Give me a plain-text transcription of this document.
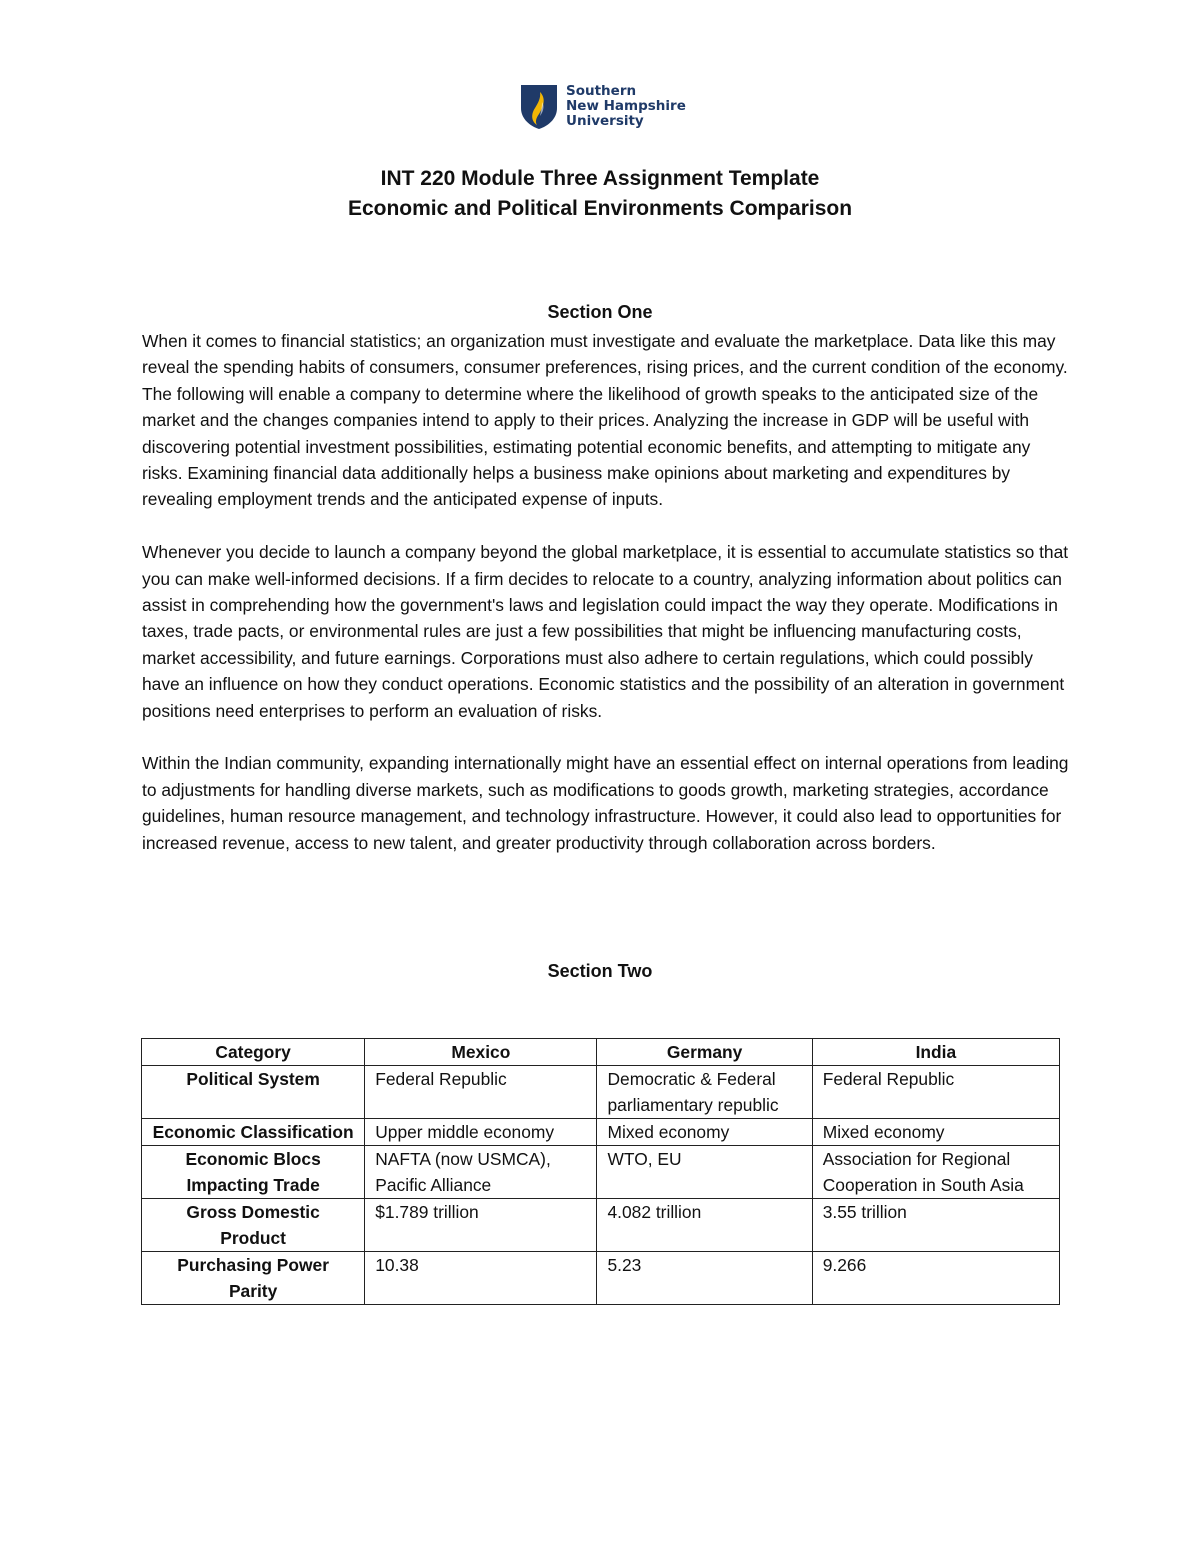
Southern
New Hampshire
University
INT 220 Module Three Assignment Template
Economic and Political Environments Comparison
Section One

When it comes to financial statistics; an organization must investigate and evaluate the marketplace. Data like this may reveal the spending habits of consumers, consumer preferences, rising prices, and the current condition of the economy. The following will enable a company to determine where the likelihood of growth speaks to the anticipated size of the market and the changes companies intend to apply to their prices. Analyzing the increase in GDP will be useful with discovering potential investment possibilities, estimating potential economic benefits, and attempting to mitigate any risks. Examining financial data additionally helps a business make opinions about marketing and expenditures by revealing employment trends and the anticipated expense of inputs.

Whenever you decide to launch a company beyond the global marketplace, it is essential to accumulate statistics so that you can make well-informed decisions. If a firm decides to relocate to a country, analyzing information about politics can assist in comprehending how the government's laws and legislation could impact the way they operate. Modifications in taxes, trade pacts, or environmental rules are just a few possibilities that might be influencing manufacturing costs, market accessibility, and future earnings. Corporations must also adhere to certain regulations, which could possibly have an influence on how they conduct operations. Economic statistics and the possibility of an alteration in government positions need enterprises to perform an evaluation of risks.

Within the Indian community, expanding internationally might have an essential effect on internal operations from leading to adjustments for handling diverse markets, such as modifications to goods growth, marketing strategies, accordance guidelines, human resource management, and technology infrastructure. However, it could also lead to opportunities for increased revenue, access to new talent, and greater productivity through collaboration across borders.

Section Two
Category	Mexico	Germany	India
Political System	Federal Republic	Democratic & Federal parliamentary republic	Federal Republic
Economic Classification	Upper middle economy	Mixed economy	Mixed economy
Economic Blocs Impacting Trade	NAFTA (now USMCA), Pacific Alliance	WTO, EU	Association for Regional Cooperation in South Asia
Gross Domestic Product	$1.789 trillion	4.082 trillion	3.55 trillion
Purchasing Power Parity	10.38	5.23	9.266
